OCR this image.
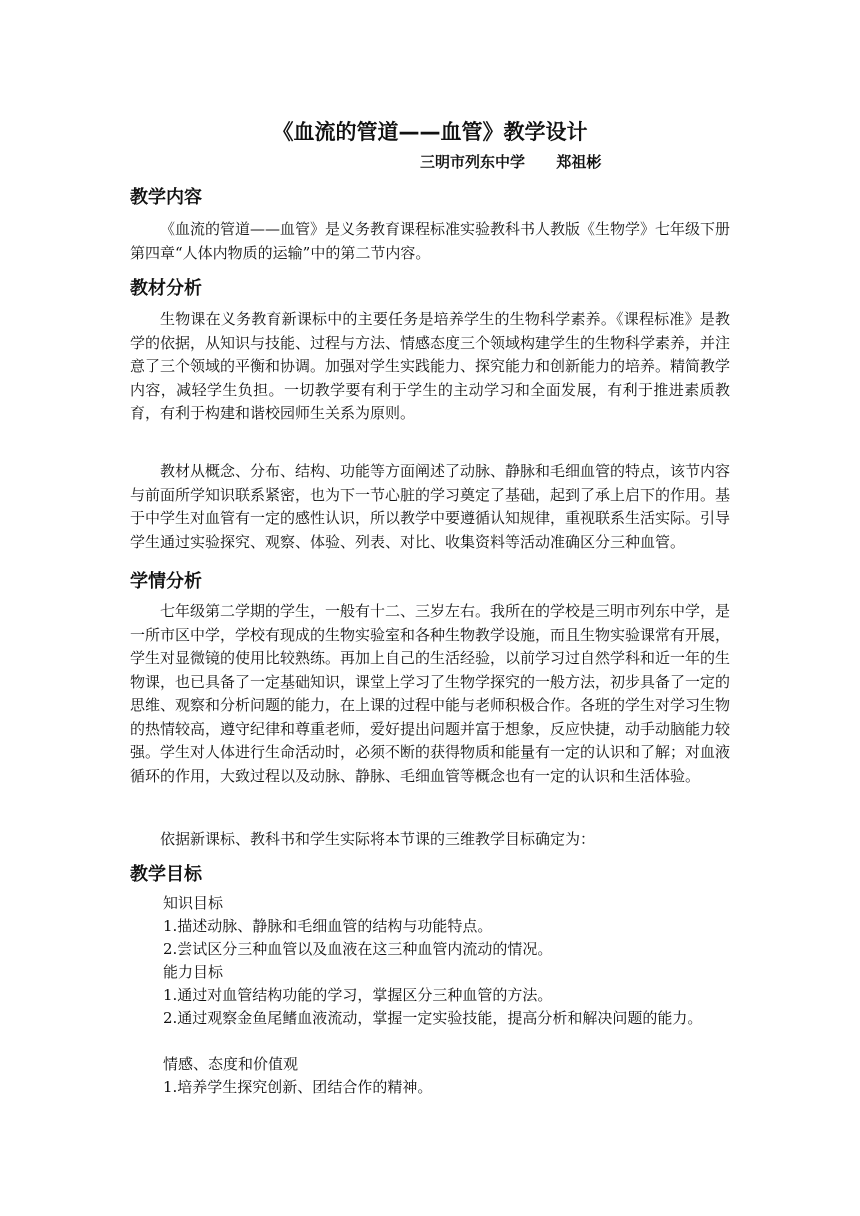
《血流的管道——血管》教学设计
三明市列东中学      郑祖彬
教学内容

《血流的管道——血管》是义务教育课程标准实验教科书人教版《生物学》七年级下册第四章“人体内物质的运输”中的第二节内容。

教材分析

生物课在义务教育新课标中的主要任务是培养学生的生物科学素养。《课程标准》是教学的依据，从知识与技能、过程与方法、情感态度三个领域构建学生的生物科学素养，并注意了三个领域的平衡和协调。加强对学生实践能力、探究能力和创新能力的培养。精简教学内容，减轻学生负担。一切教学要有利于学生的主动学习和全面发展，有利于推进素质教育，有利于构建和谐校园师生关系为原则。

教材从概念、分布、结构、功能等方面阐述了动脉、静脉和毛细血管的特点，该节内容与前面所学知识联系紧密，也为下一节心脏的学习奠定了基础，起到了承上启下的作用。基于中学生对血管有一定的感性认识，所以教学中要遵循认知规律，重视联系生活实际。引导学生通过实验探究、观察、体验、列表、对比、收集资料等活动准确区分三种血管。

学情分析

七年级第二学期的学生，一般有十二、三岁左右。我所在的学校是三明市列东中学，是一所市区中学，学校有现成的生物实验室和各种生物教学设施，而且生物实验课常有开展，学生对显微镜的使用比较熟练。再加上自己的生活经验，以前学习过自然学科和近一年的生物课，也已具备了一定基础知识，课堂上学习了生物学探究的一般方法，初步具备了一定的思维、观察和分析问题的能力，在上课的过程中能与老师积极合作。各班的学生对学习生物的热情较高，遵守纪律和尊重老师，爱好提出问题并富于想象，反应快捷，动手动脑能力较强。学生对人体进行生命活动时，必须不断的获得物质和能量有一定的认识和了解；对血液循环的作用，大致过程以及动脉、静脉、毛细血管等概念也有一定的认识和生活体验。

依据新课标、教科书和学生实际将本节课的三维教学目标确定为：

教学目标

知识目标

1.描述动脉、静脉和毛细血管的结构与功能特点。

2.尝试区分三种血管以及血液在这三种血管内流动的情况。

能力目标

1.通过对血管结构功能的学习，掌握区分三种血管的方法。

2.通过观察金鱼尾鳍血液流动，掌握一定实验技能，提高分析和解决问题的能力。

情感、态度和价值观

1.培养学生探究创新、团结合作的精神。
